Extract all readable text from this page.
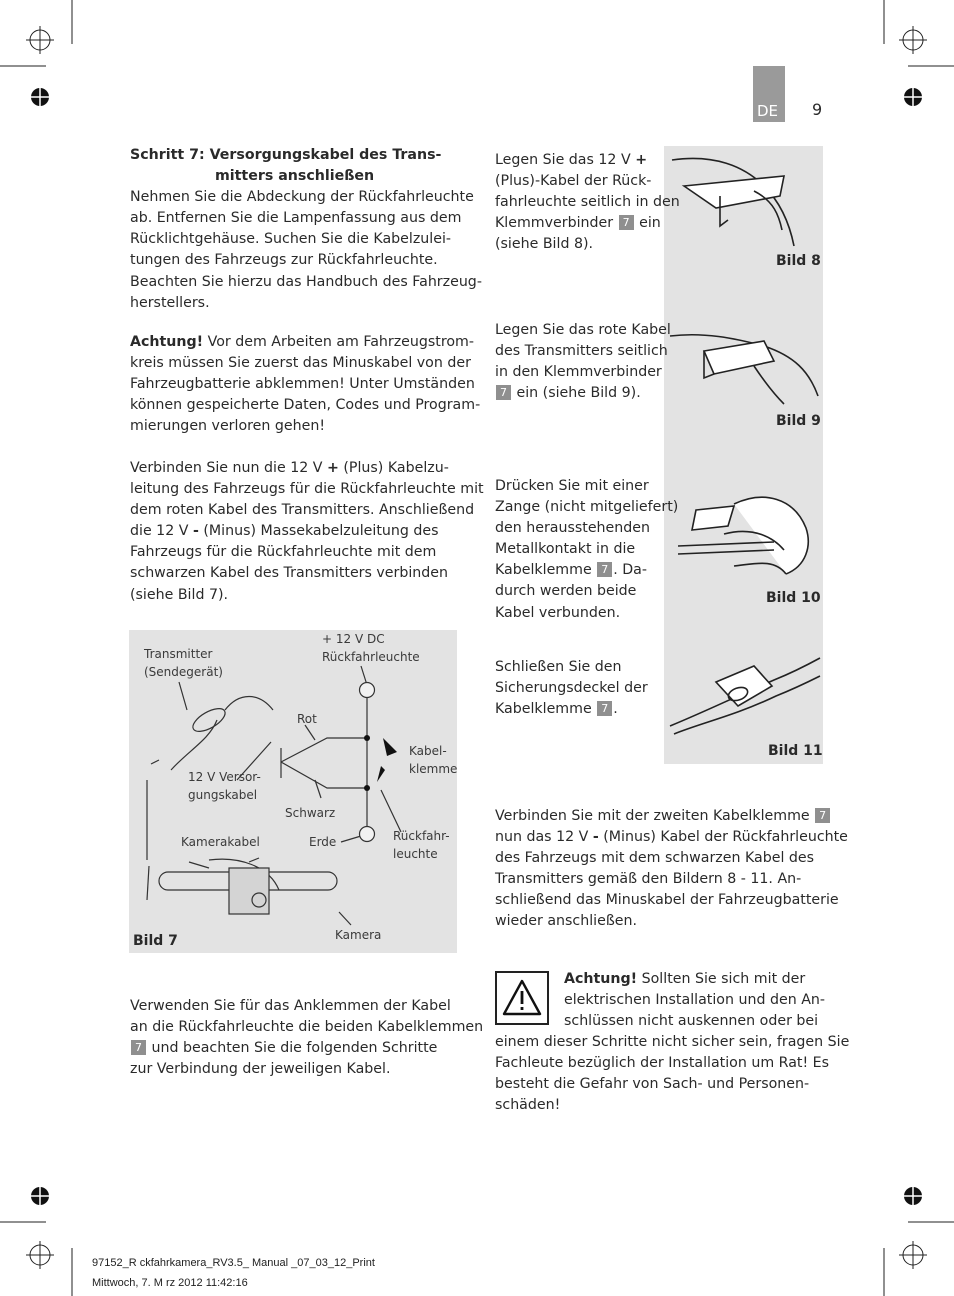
DE 9

Schritt 7: Versorgungskabel des Trans-

mitters anschließen

Nehmen Sie die Abdeckung der Rückfahrleuchte

ab. Entfernen Sie die Lampenfassung aus dem

Rücklichtgehäuse. Suchen Sie die Kabelzulei-

tungen des Fahrzeugs zur Rückfahrleuchte.

Beachten Sie hierzu das Handbuch des Fahrzeug-

herstellers.

Achtung! Vor dem Arbeiten am Fahrzeugstrom-

kreis müssen Sie zuerst das Minuskabel von der

Fahrzeugbatterie abklemmen! Unter Umständen

können gespeicherte Daten, Codes und Program-

mierungen verloren gehen!

Verbinden Sie nun die 12 V + (Plus) Kabelzu-

leitung des Fahrzeugs für die Rückfahrleuchte mit

dem roten Kabel des Transmitters. Anschließend

die 12 V - (Minus) Massekabelzuleitung des

Fahrzeugs für die Rückfahrleuchte mit dem

schwarzen Kabel des Transmitters verbinden

(siehe Bild 7).

Transmitter
(Sendegerät)
+ 12 V DC
Rückfahrleuchte
Rot
Kabel-
klemme
12 V Versor-
gungskabel
Schwarz
Kamerakabel	Erde	Rückfahr-
leuchte
Kamera
Bild 7

Verwenden Sie für das Anklemmen der Kabel

an die Rückfahrleuchte die beiden Kabelklemmen

7 und beachten Sie die folgenden Schritte

zur Verbindung der jeweiligen Kabel.

Bild 8
Bild 9
Bild 10
Bild 11

Legen Sie das 12 V +

(Plus)-Kabel der Rück-

fahrleuchte seitlich in den

Klemmverbinder 7 ein

(siehe Bild 8).

Legen Sie das rote Kabel

des Transmitters seitlich

in den Klemmverbinder

7 ein (siehe Bild 9).

Drücken Sie mit einer

Zange (nicht mitgeliefert)

den herausstehenden

Metallkontakt in die

Kabelklemme 7 . Da-

durch werden beide

Kabel verbunden.

Schließen Sie den

Sicherungsdeckel der

Kabelklemme 7 .

Verbinden Sie mit der zweiten Kabelklemme 7

nun das 12 V - (Minus) Kabel der Rückfahrleuchte

des Fahrzeugs mit dem schwarzen Kabel des

Transmitters gemäß den Bildern 8 - 11. An-

schließend das Minuskabel der Fahrzeugbatterie

wieder anschließen.

Achtung! Sollten Sie sich mit der

elektrischen Installation und den An-

schlüssen nicht auskennen oder bei

einem dieser Schritte nicht sicher sein, fragen Sie

Fachleute bezüglich der Installation um Rat! Es

besteht die Gefahr von Sach- und Personen-

schäden!

97152_R ckfahrkamera_RV3.5_ Manual _07_03_12_Print
Mittwoch, 7. M rz 2012 11:42:16
